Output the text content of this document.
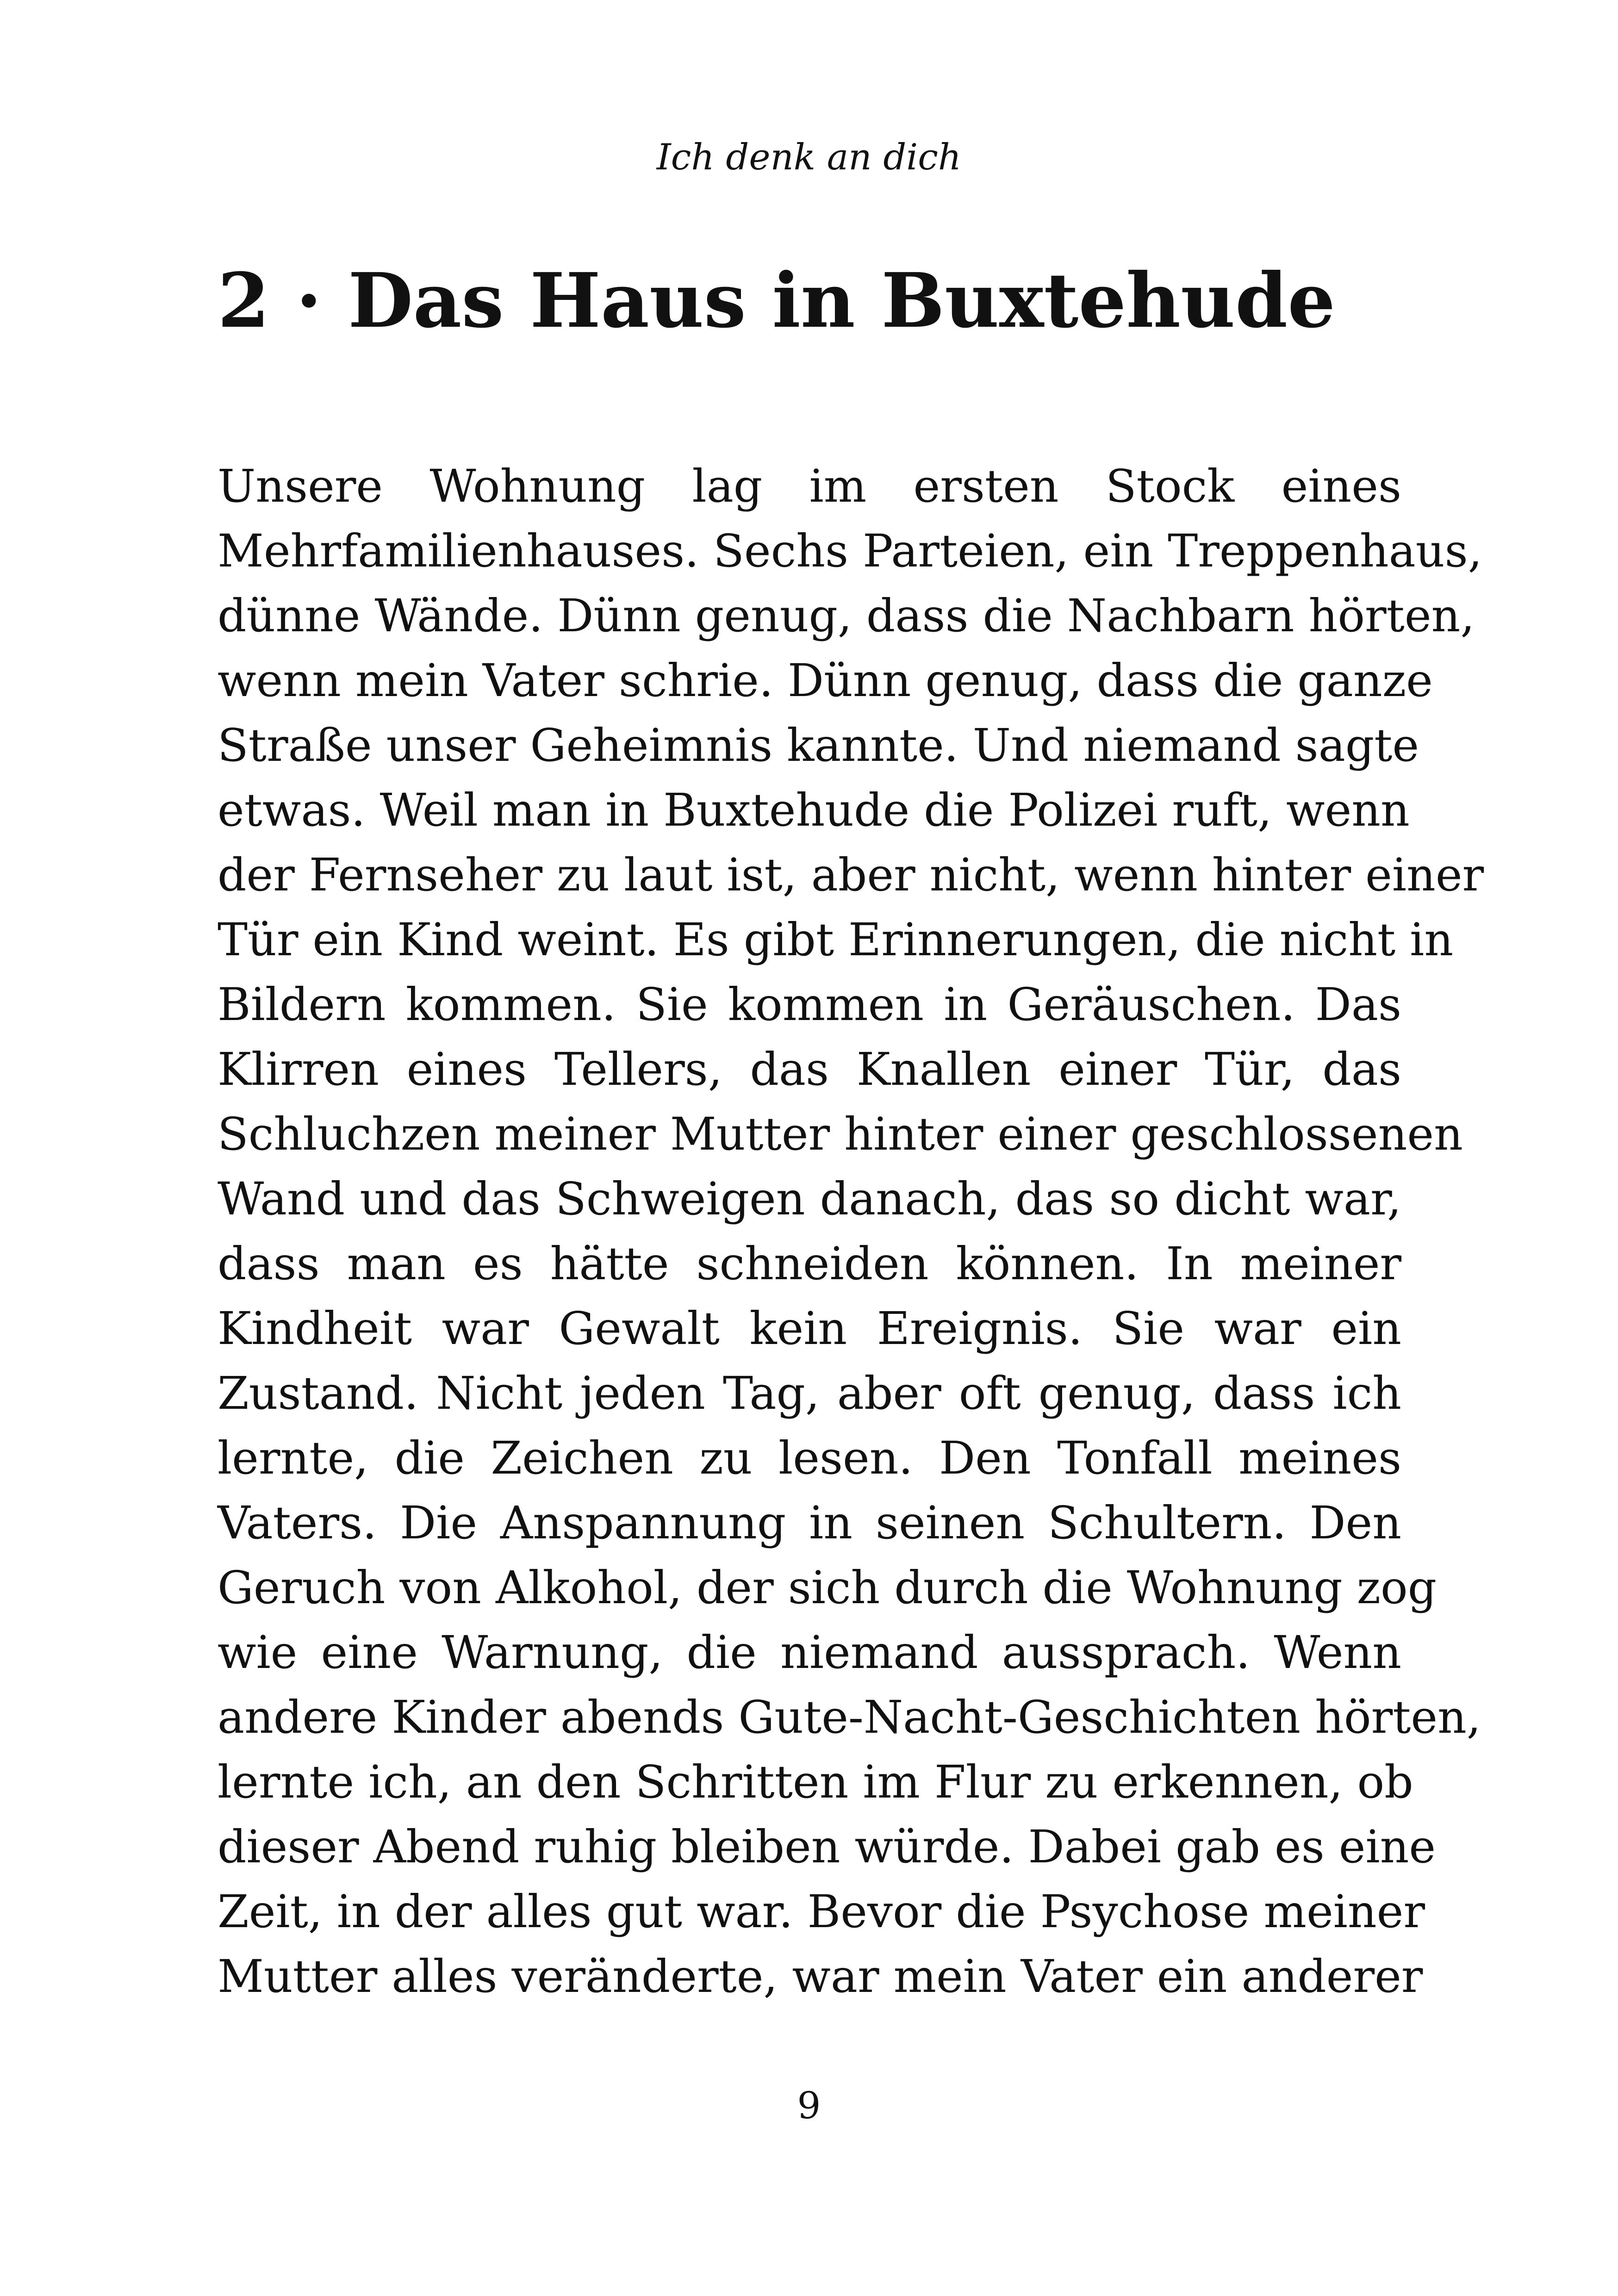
Ich denk an dich
2 · Das Haus in Buxtehude
Unsere Wohnung lag im ersten Stock eines
Mehrfamilienhauses. Sechs Parteien, ein Treppenhaus,
dünne Wände. Dünn genug, dass die Nachbarn hörten,
wenn mein Vater schrie. Dünn genug, dass die ganze
Straße unser Geheimnis kannte. Und niemand sagte
etwas. Weil man in Buxtehude die Polizei ruft, wenn
der Fernseher zu laut ist, aber nicht, wenn hinter einer
Tür ein Kind weint. Es gibt Erinnerungen, die nicht in
Bildern kommen. Sie kommen in Geräuschen. Das
Klirren eines Tellers, das Knallen einer Tür, das
Schluchzen meiner Mutter hinter einer geschlossenen
Wand und das Schweigen danach, das so dicht war,
dass man es hätte schneiden können. In meiner
Kindheit war Gewalt kein Ereignis. Sie war ein
Zustand. Nicht jeden Tag, aber oft genug, dass ich
lernte, die Zeichen zu lesen. Den Tonfall meines
Vaters. Die Anspannung in seinen Schultern. Den
Geruch von Alkohol, der sich durch die Wohnung zog
wie eine Warnung, die niemand aussprach. Wenn
andere Kinder abends Gute-Nacht-Geschichten hörten,
lernte ich, an den Schritten im Flur zu erkennen, ob
dieser Abend ruhig bleiben würde. Dabei gab es eine
Zeit, in der alles gut war. Bevor die Psychose meiner
Mutter alles veränderte, war mein Vater ein anderer
9
